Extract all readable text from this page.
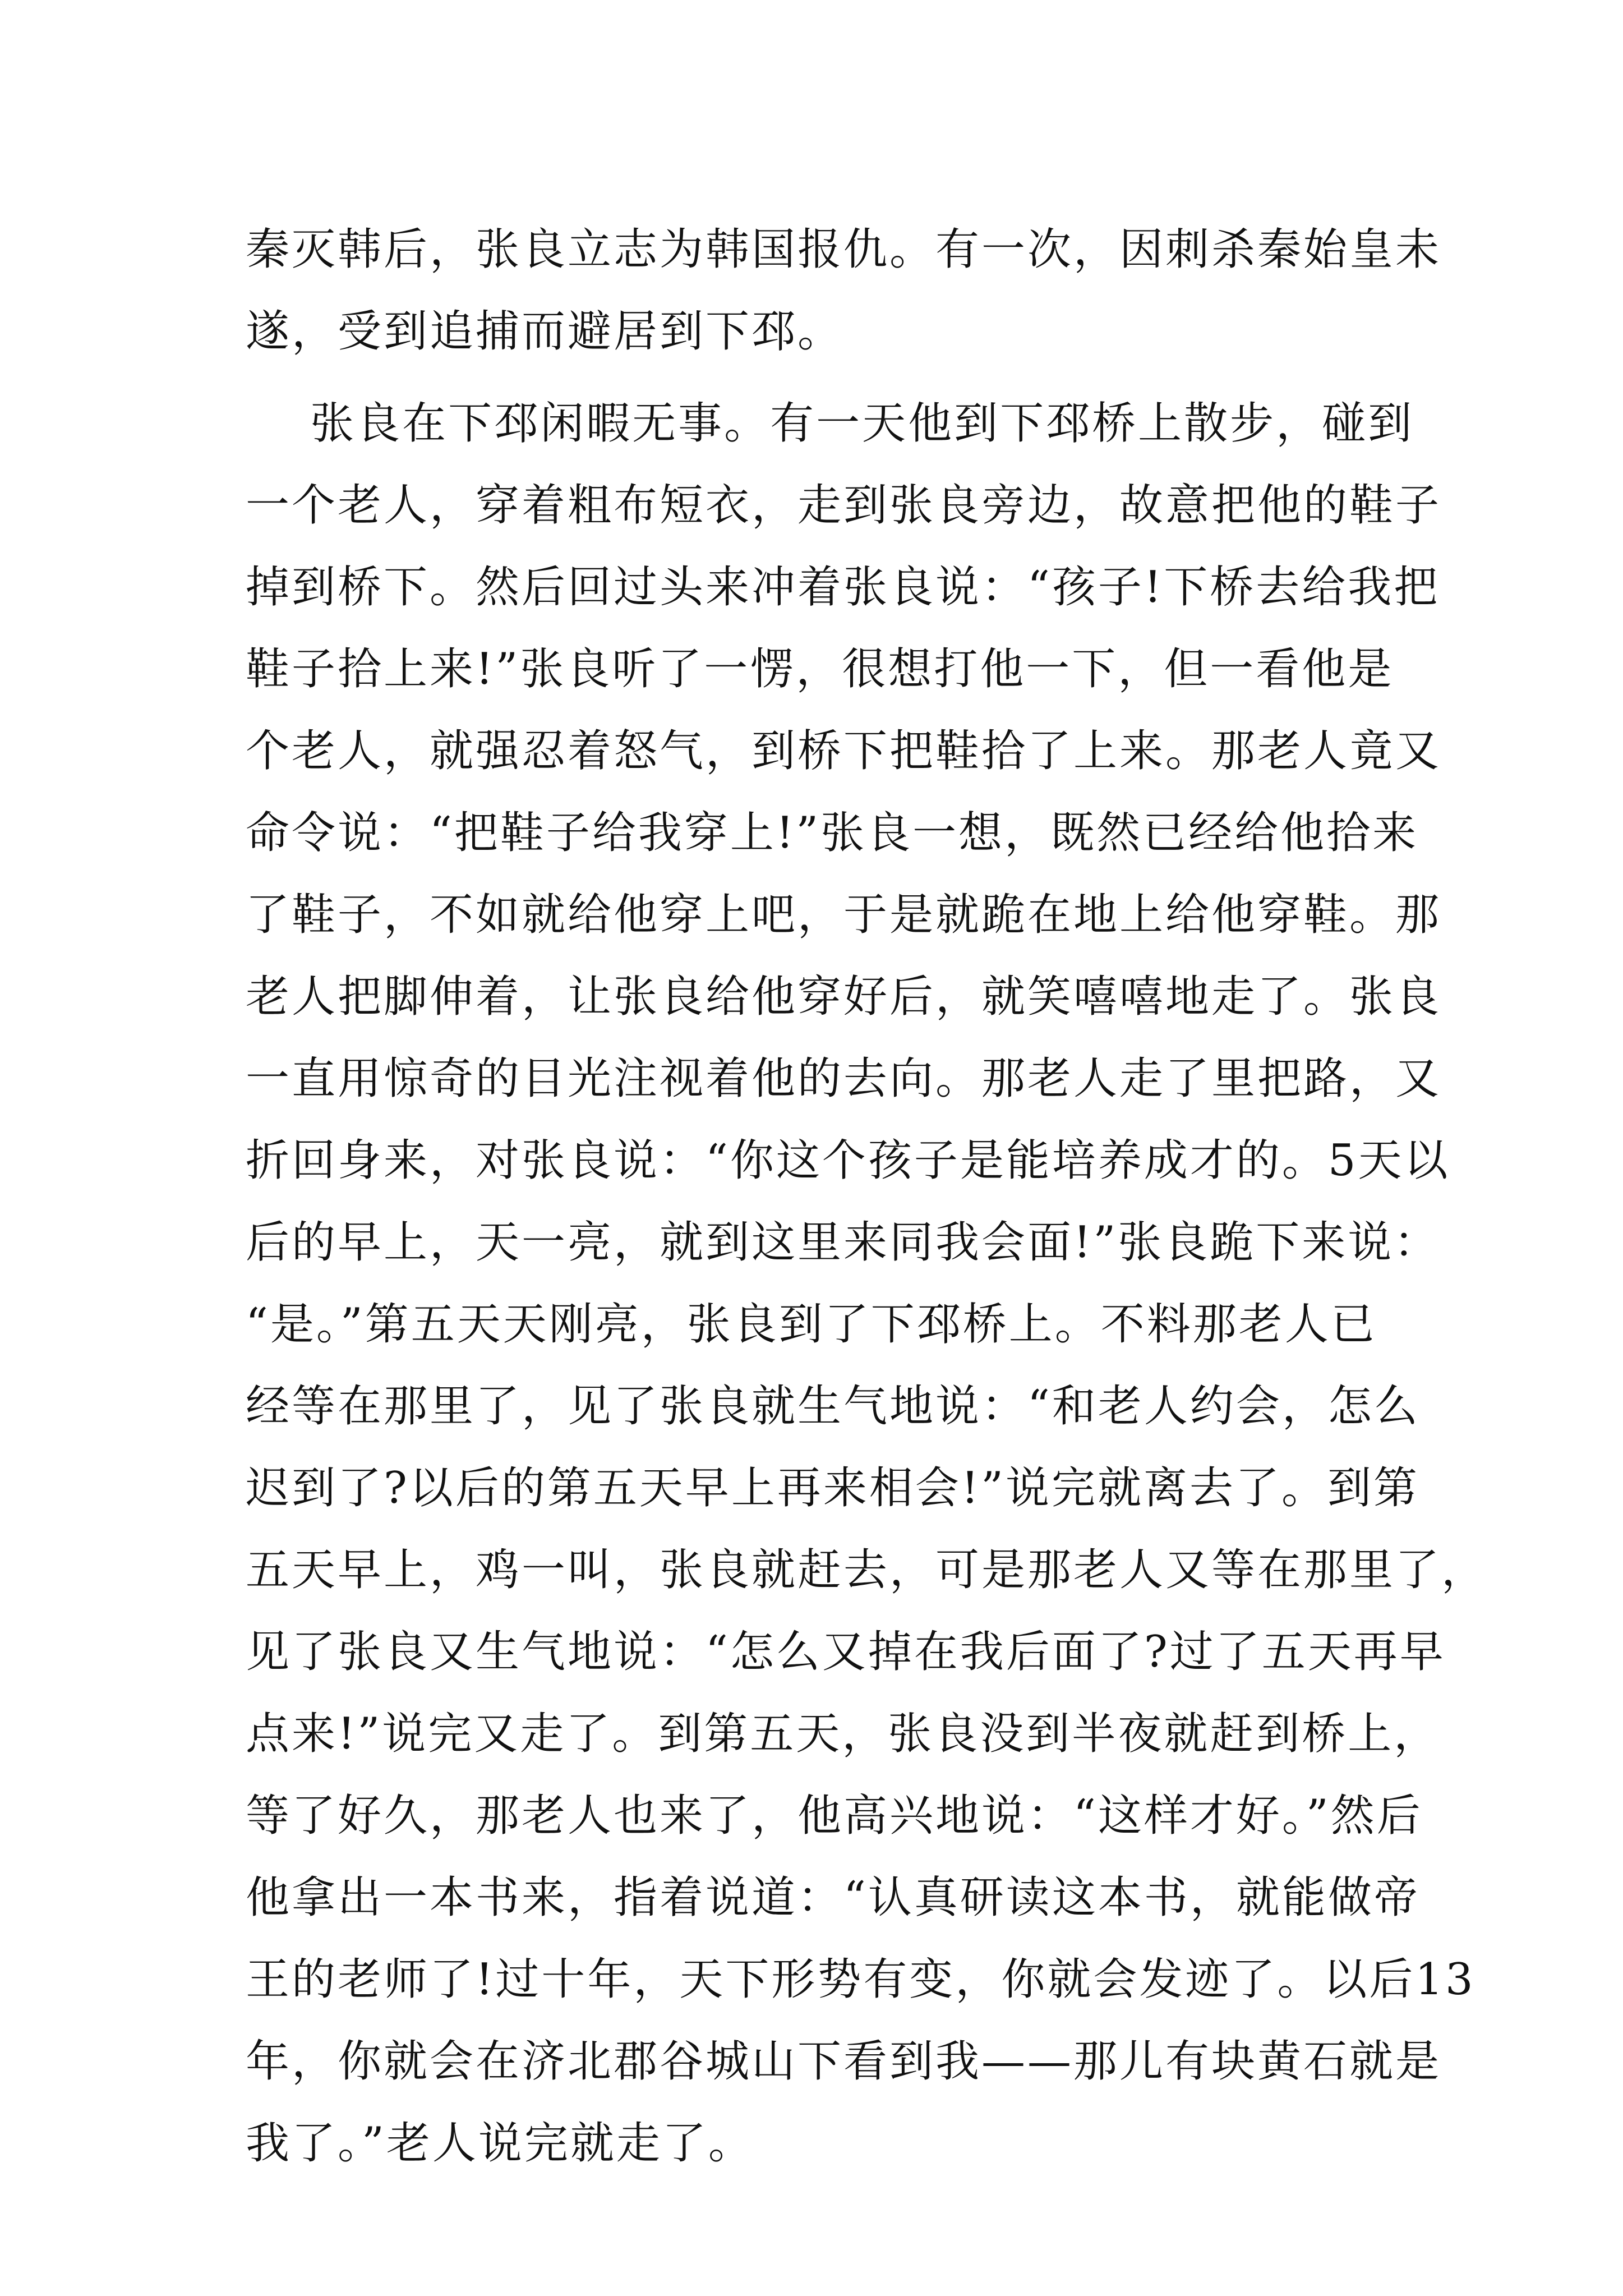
秦灭韩后，张良立志为韩国报仇。有一次，因刺杀秦始皇未
遂，受到追捕而避居到下邳。
张良在下邳闲暇无事。有一天他到下邳桥上散步，碰到
一个老人，穿着粗布短衣，走到张良旁边，故意把他的鞋子
掉到桥下。然后回过头来冲着张良说：“孩子!下桥去给我把
鞋子拾上来!”张良听了一愣，很想打他一下，但一看他是
个老人，就强忍着怒气，到桥下把鞋拾了上来。那老人竟又
命令说：“把鞋子给我穿上!”张良一想，既然已经给他拾来
了鞋子，不如就给他穿上吧，于是就跪在地上给他穿鞋。那
老人把脚伸着，让张良给他穿好后，就笑嘻嘻地走了。张良
一直用惊奇的目光注视着他的去向。那老人走了里把路，又
折回身来，对张良说：“你这个孩子是能培养成才的。5天以
后的早上，天一亮，就到这里来同我会面!”张良跪下来说：
“是。”第五天天刚亮，张良到了下邳桥上。不料那老人已
经等在那里了，见了张良就生气地说：“和老人约会，怎么
迟到了?以后的第五天早上再来相会!”说完就离去了。到第
五天早上，鸡一叫，张良就赶去，可是那老人又等在那里了，
见了张良又生气地说：“怎么又掉在我后面了?过了五天再早
点来!”说完又走了。到第五天，张良没到半夜就赶到桥上，
等了好久，那老人也来了，他高兴地说：“这样才好。”然后
他拿出一本书来，指着说道：“认真研读这本书，就能做帝
王的老师了!过十年，天下形势有变，你就会发迹了。以后13
年，你就会在济北郡谷城山下看到我——那儿有块黄石就是
我了。”老人说完就走了。
